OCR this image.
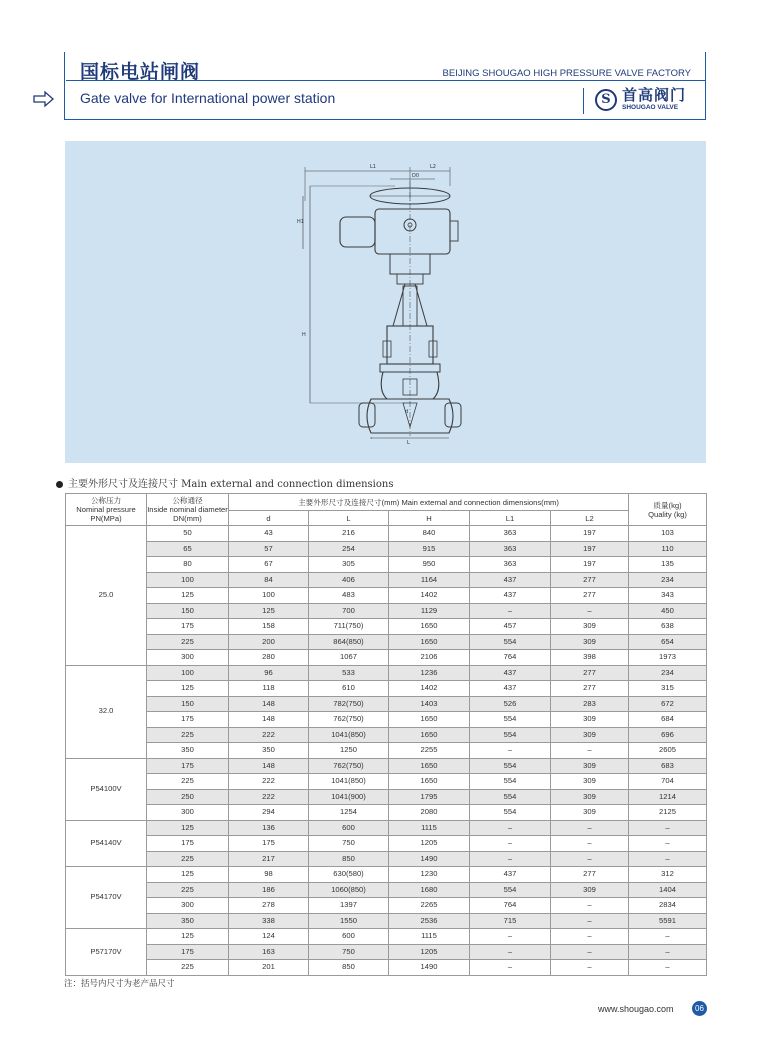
国标电站闸阀	BEIJING SHOUGAO HIGH PRESSURE VALVE FACTORY
Gate valve for International power station	S 首高阀门
SHOUGAO VALVE
L1	L2
D0
L
H1
H
d
主要外形尺寸及连接尺寸 Main external and connection dimensions
公称压力
Nominal pressure
PN(MPa)	公称通径
Inside nominal diameter
DN(mm)	主要外形尺寸及连接尺寸(mm) Main external and connection dimensions(mm)					质量(kg)
Quality (kg)
		d	L	H	L1	L2	
25.0	50	43	216	840	363	197	103
	65	57	254	915	363	197	110
	80	67	305	950	363	197	135
	100	84	406	1164	437	277	234
	125	100	483	1402	437	277	343
	150	125	700	1129	–	–	450
	175	158	711(750)	1650	457	309	638
	225	200	864(850)	1650	554	309	654
	300	280	1067	2106	764	398	1973
32.0	100	96	533	1236	437	277	234
	125	118	610	1402	437	277	315
	150	148	782(750)	1403	526	283	672
	175	148	762(750)	1650	554	309	684
	225	222	1041(850)	1650	554	309	696
	350	350	1250	2255	–	–	2605
P54100V	175	148	762(750)	1650	554	309	683
	225	222	1041(850)	1650	554	309	704
	250	222	1041(900)	1795	554	309	1214
	300	294	1254	2080	554	309	2125
P54140V	125	136	600	1115	–	–	–
	175	175	750	1205	–	–	–
	225	217	850	1490	–	–	–
P54170V	125	98	630(580)	1230	437	277	312
	225	186	1060(850)	1680	554	309	1404
	300	278	1397	2265	764	–	2834
	350	338	1550	2536	715	–	5591
P57170V	125	124	600	1115	–	–	–
	175	163	750	1205	–	–	–
	225	201	850	1490	–	–	–
注：括号内尺寸为老产品尺寸
www.shougao.com	06
